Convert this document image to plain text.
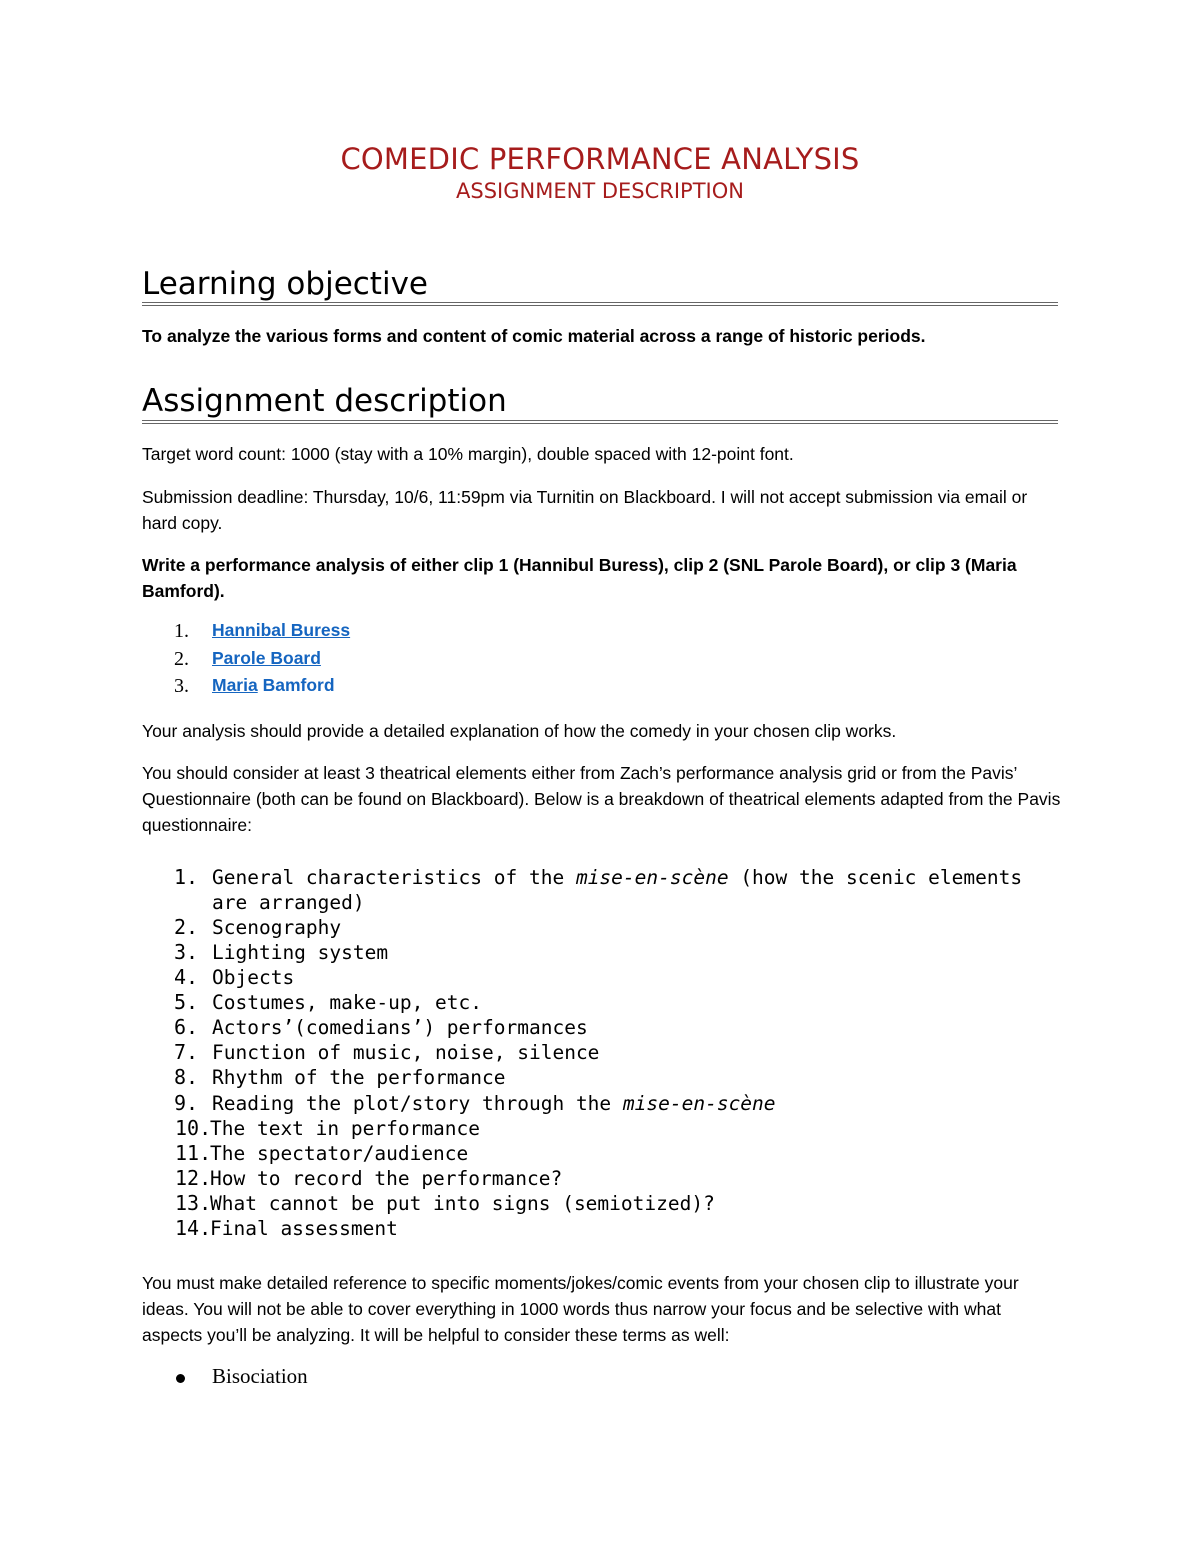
COMEDIC PERFORMANCE ANALYSIS
ASSIGNMENT DESCRIPTION
Learning objective
To analyze the various forms and content of comic material across a range of historic periods.
Assignment description
Target word count: 1000 (stay with a 10% margin), double spaced with 12-point font.
Submission deadline: Thursday, 10/6, 11:59pm via Turnitin on Blackboard. I will not accept submission via email or hard copy.
Write a performance analysis of either clip 1 (Hannibul Buress), clip 2 (SNL Parole Board), or clip 3 (Maria Bamford).
1. Hannibal Buress
2. Parole Board
3. Maria Bamford
Your analysis should provide a detailed explanation of how the comedy in your chosen clip works.
You should consider at least 3 theatrical elements either from Zach’s performance analysis grid or from the Pavis’ Questionnaire (both can be found on Blackboard). Below is a breakdown of theatrical elements adapted from the Pavis questionnaire:
1. General characteristics of the mise-en-scène (how the scenic elements are arranged)
2. Scenography
3. Lighting system
4. Objects
5. Costumes, make-up, etc.
6. Actors’(comedians’) performances
7. Function of music, noise, silence
8. Rhythm of the performance
9. Reading the plot/story through the mise-en-scène
10.
The text in performance
11.
The spectator/audience
12.
How to record the performance?
13.
What cannot be put into signs (semiotized)?
14.
Final assessment
You must make detailed reference to specific moments/jokes/comic events from your chosen clip to illustrate your ideas. You will not be able to cover everything in 1000 words thus narrow your focus and be selective with what aspects you’ll be analyzing. It will be helpful to consider these terms as well:
Bisociation
